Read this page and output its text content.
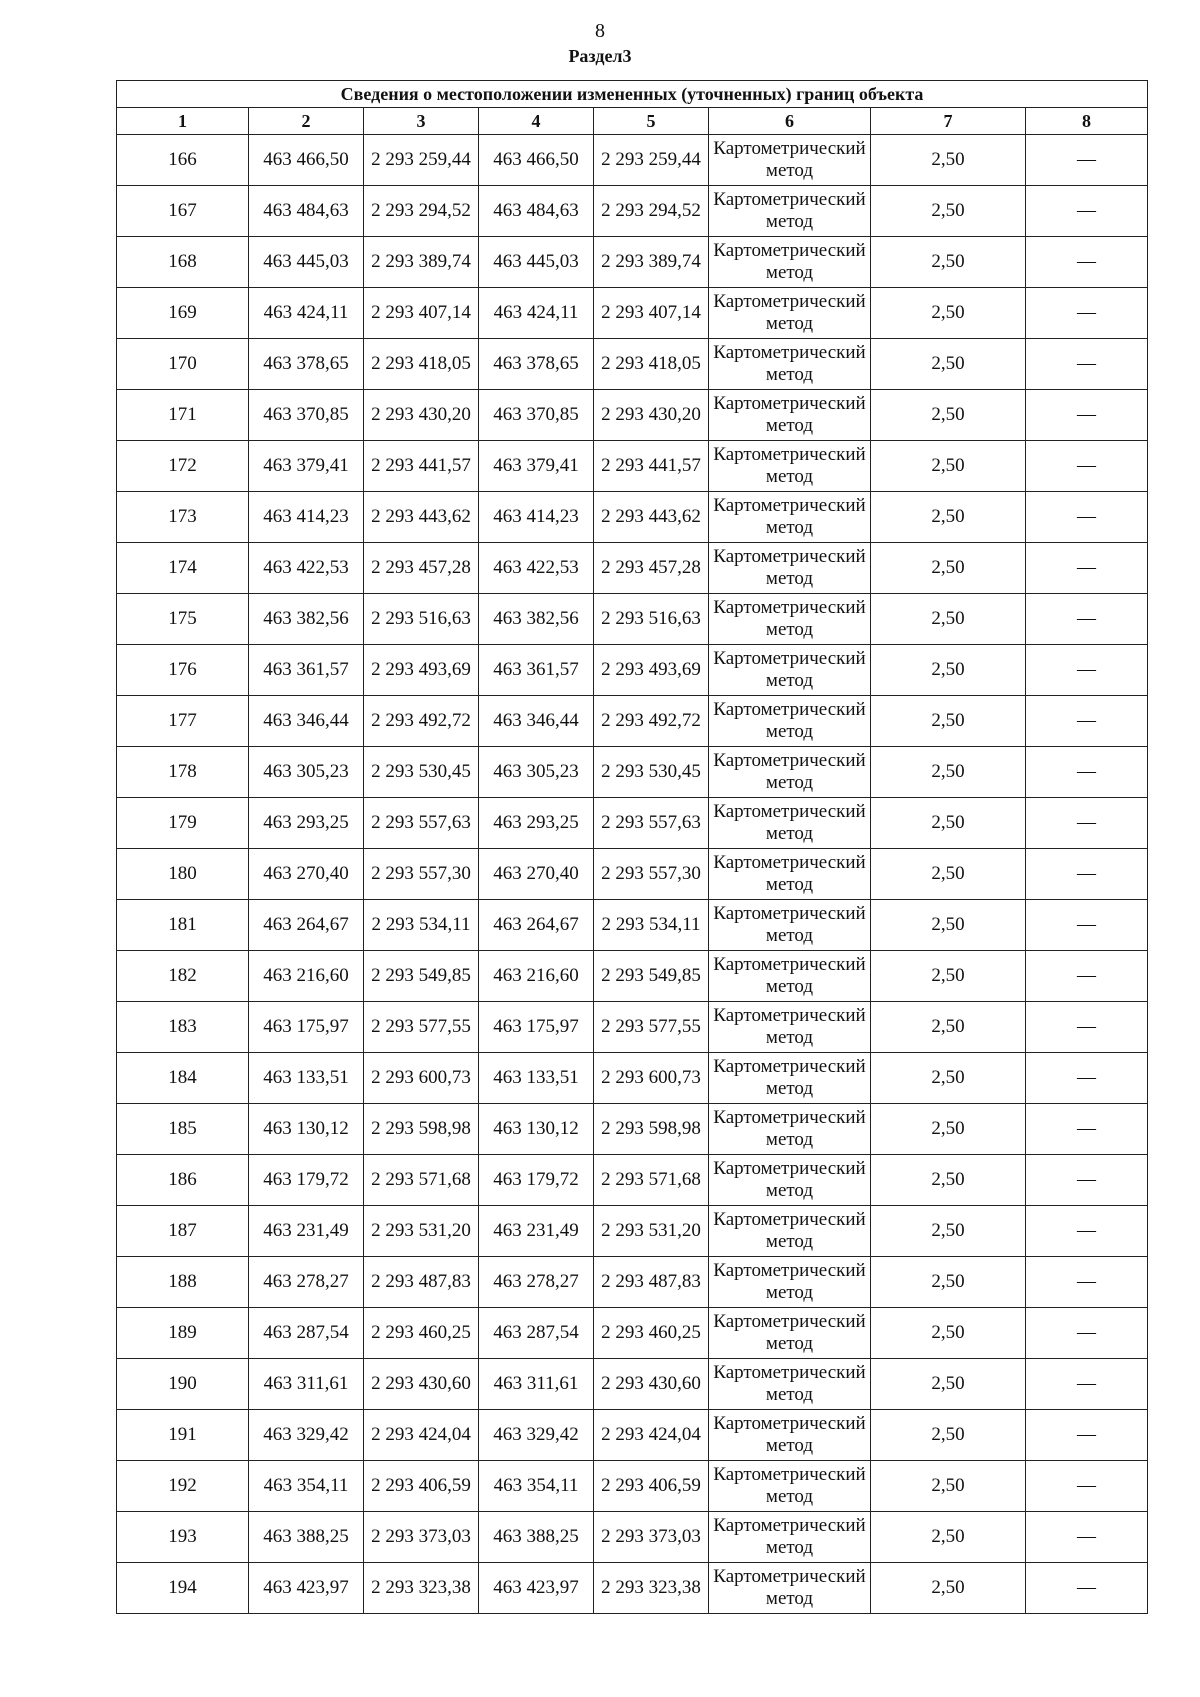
8
Раздел3
Сведения о местоположении измененных (уточненных) границ объекта							
1	2	3	4	5	6	7	8
166	463 466,50	2 293 259,44	463 466,50	2 293 259,44	Картометрический метод	2,50	—
167	463 484,63	2 293 294,52	463 484,63	2 293 294,52	Картометрический метод	2,50	—
168	463 445,03	2 293 389,74	463 445,03	2 293 389,74	Картометрический метод	2,50	—
169	463 424,11	2 293 407,14	463 424,11	2 293 407,14	Картометрический метод	2,50	—
170	463 378,65	2 293 418,05	463 378,65	2 293 418,05	Картометрический метод	2,50	—
171	463 370,85	2 293 430,20	463 370,85	2 293 430,20	Картометрический метод	2,50	—
172	463 379,41	2 293 441,57	463 379,41	2 293 441,57	Картометрический метод	2,50	—
173	463 414,23	2 293 443,62	463 414,23	2 293 443,62	Картометрический метод	2,50	—
174	463 422,53	2 293 457,28	463 422,53	2 293 457,28	Картометрический метод	2,50	—
175	463 382,56	2 293 516,63	463 382,56	2 293 516,63	Картометрический метод	2,50	—
176	463 361,57	2 293 493,69	463 361,57	2 293 493,69	Картометрический метод	2,50	—
177	463 346,44	2 293 492,72	463 346,44	2 293 492,72	Картометрический метод	2,50	—
178	463 305,23	2 293 530,45	463 305,23	2 293 530,45	Картометрический метод	2,50	—
179	463 293,25	2 293 557,63	463 293,25	2 293 557,63	Картометрический метод	2,50	—
180	463 270,40	2 293 557,30	463 270,40	2 293 557,30	Картометрический метод	2,50	—
181	463 264,67	2 293 534,11	463 264,67	2 293 534,11	Картометрический метод	2,50	—
182	463 216,60	2 293 549,85	463 216,60	2 293 549,85	Картометрический метод	2,50	—
183	463 175,97	2 293 577,55	463 175,97	2 293 577,55	Картометрический метод	2,50	—
184	463 133,51	2 293 600,73	463 133,51	2 293 600,73	Картометрический метод	2,50	—
185	463 130,12	2 293 598,98	463 130,12	2 293 598,98	Картометрический метод	2,50	—
186	463 179,72	2 293 571,68	463 179,72	2 293 571,68	Картометрический метод	2,50	—
187	463 231,49	2 293 531,20	463 231,49	2 293 531,20	Картометрический метод	2,50	—
188	463 278,27	2 293 487,83	463 278,27	2 293 487,83	Картометрический метод	2,50	—
189	463 287,54	2 293 460,25	463 287,54	2 293 460,25	Картометрический метод	2,50	—
190	463 311,61	2 293 430,60	463 311,61	2 293 430,60	Картометрический метод	2,50	—
191	463 329,42	2 293 424,04	463 329,42	2 293 424,04	Картометрический метод	2,50	—
192	463 354,11	2 293 406,59	463 354,11	2 293 406,59	Картометрический метод	2,50	—
193	463 388,25	2 293 373,03	463 388,25	2 293 373,03	Картометрический метод	2,50	—
194	463 423,97	2 293 323,38	463 423,97	2 293 323,38	Картометрический метод	2,50	—
